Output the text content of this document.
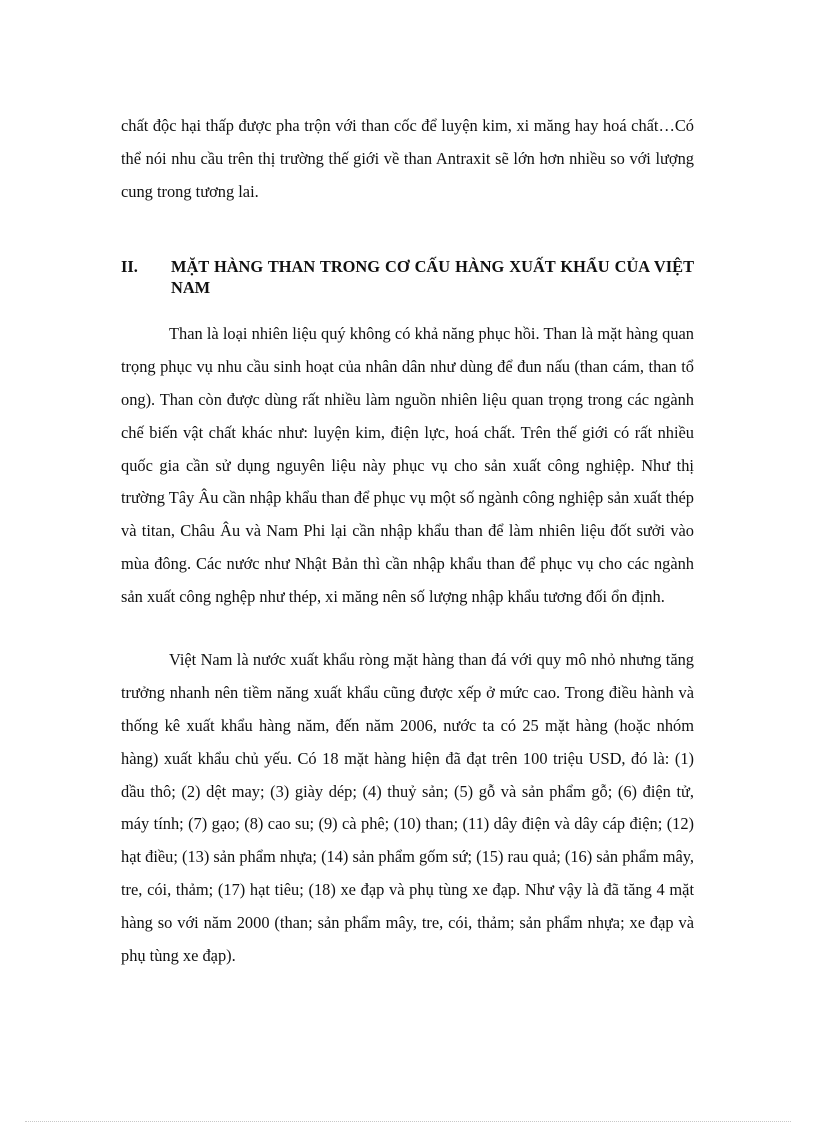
chất độc hại thấp được pha trộn với than cốc để luyện kim, xi măng hay hoá chất…Có thể nói nhu cầu trên thị trường thế giới về than Antraxit sẽ lớn hơn nhiều so với lượng cung trong tương lai.

II.	MẶT HÀNG THAN TRONG CƠ CẤU HÀNG XUẤT KHẨU CỦA VIỆT NAM

Than là loại nhiên liệu quý không có khả năng phục hồi. Than là mặt hàng quan trọng phục vụ nhu cầu sinh hoạt của nhân dân như dùng để đun nấu (than cám, than tổ ong). Than còn được dùng rất nhiều làm nguồn nhiên liệu quan trọng trong các ngành chế biến vật chất khác như: luyện kim, điện lực, hoá chất. Trên thế giới có rất nhiều quốc gia cần sử dụng nguyên liệu này phục vụ cho sản xuất công nghiệp. Như thị trường Tây Âu cần nhập khẩu than để phục vụ một số ngành công nghiệp sản xuất thép và titan, Châu Âu và Nam Phi lại cần nhập khẩu than để làm nhiên liệu đốt sưởi vào mùa đông. Các nước như Nhật Bản thì cần nhập khẩu than để phục vụ cho các ngành sản xuất công nghệp như thép, xi măng nên số lượng nhập khẩu tương đối ổn định.

Việt Nam là nước xuất khẩu ròng mặt hàng than đá với quy mô nhỏ nhưng tăng trưởng nhanh nên tiềm năng xuất khẩu cũng được xếp ở mức cao. Trong điều hành và thống kê xuất khẩu hàng năm, đến năm 2006, nước ta có 25 mặt hàng (hoặc nhóm hàng) xuất khẩu chủ yếu. Có 18 mặt hàng hiện đã đạt trên 100 triệu USD, đó là: (1) dầu thô; (2) dệt may; (3) giày dép; (4) thuỷ sản; (5) gỗ và sản phẩm gỗ; (6) điện tử, máy tính; (7) gạo; (8) cao su; (9) cà phê; (10) than; (11) dây điện và dây cáp điện; (12) hạt điều; (13) sản phẩm nhựa; (14) sản phẩm gốm sứ; (15) rau quả; (16) sản phẩm mây, tre, cói, thảm; (17) hạt tiêu; (18) xe đạp và phụ tùng xe đạp. Như vậy là đã tăng 4 mặt hàng so với năm 2000 (than; sản phẩm mây, tre, cói, thảm; sản phẩm nhựa; xe đạp và phụ tùng xe đạp).
